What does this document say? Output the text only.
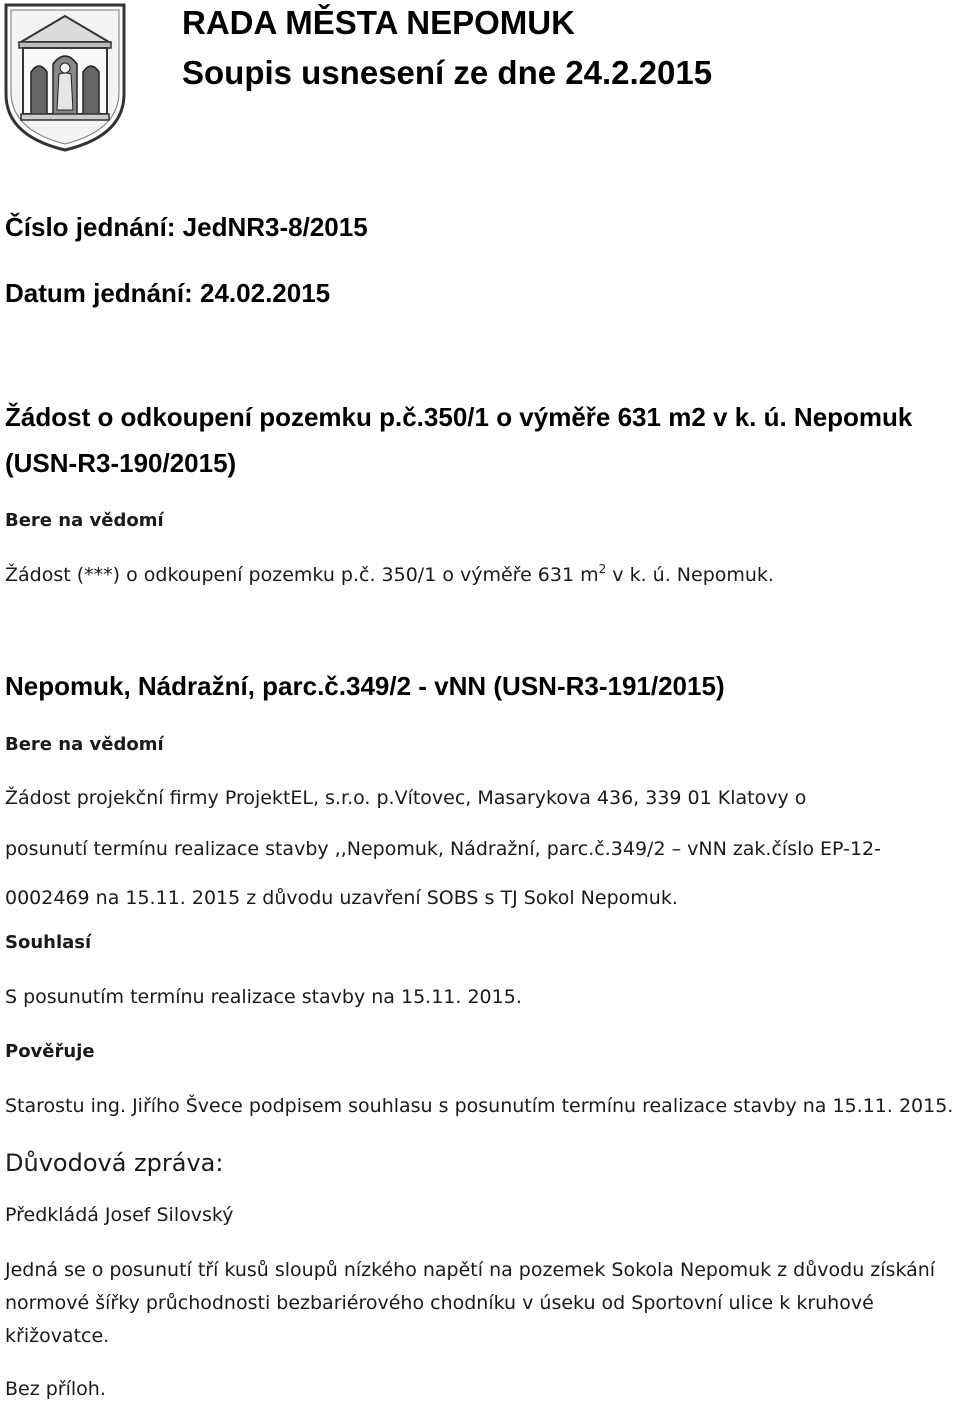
RADA MĚSTA NEPOMUK
Soupis usnesení ze dne 24.2.2015
Číslo jednání: JedNR3-8/2015
Datum jednání: 24.02.2015
Žádost o odkoupení pozemku p.č.350/1 o výměře 631 m2 v k. ú. Nepomuk
(USN-R3-190/2015)
Bere na vědomí
Žádost (***) o odkoupení pozemku p.č. 350/1 o výměře 631 $m^2$ v k. ú. Nepomuk.
Nepomuk, Nádražní, parc.č.349/2 - vNN (USN-R3-191/2015)
Bere na vědomí
Žádost projekční firmy ProjektEL, s.r.o. p.Vítovec, Masarykova 436, 339 01 Klatovy o
posunutí termínu realizace stavby ,,Nepomuk, Nádražní, parc.č.349/2 – vNN zak.číslo EP-12-
0002469 na 15.11. 2015 z důvodu uzavření SOBS s TJ Sokol Nepomuk.
Souhlasí
S posunutím termínu realizace stavby na 15.11. 2015.
Pověřuje
Starostu ing. Jiřího Švece podpisem souhlasu s posunutím termínu realizace stavby na 15.11. 2015.
Důvodová zpráva:
Předkládá Josef Silovský
Jedná se o posunutí tří kusů sloupů nízkého napětí na pozemek Sokola Nepomuk z důvodu získání
normové šířky průchodnosti bezbariérového chodníku v úseku od Sportovní ulice k kruhové
křižovatce.
Bez příloh.
